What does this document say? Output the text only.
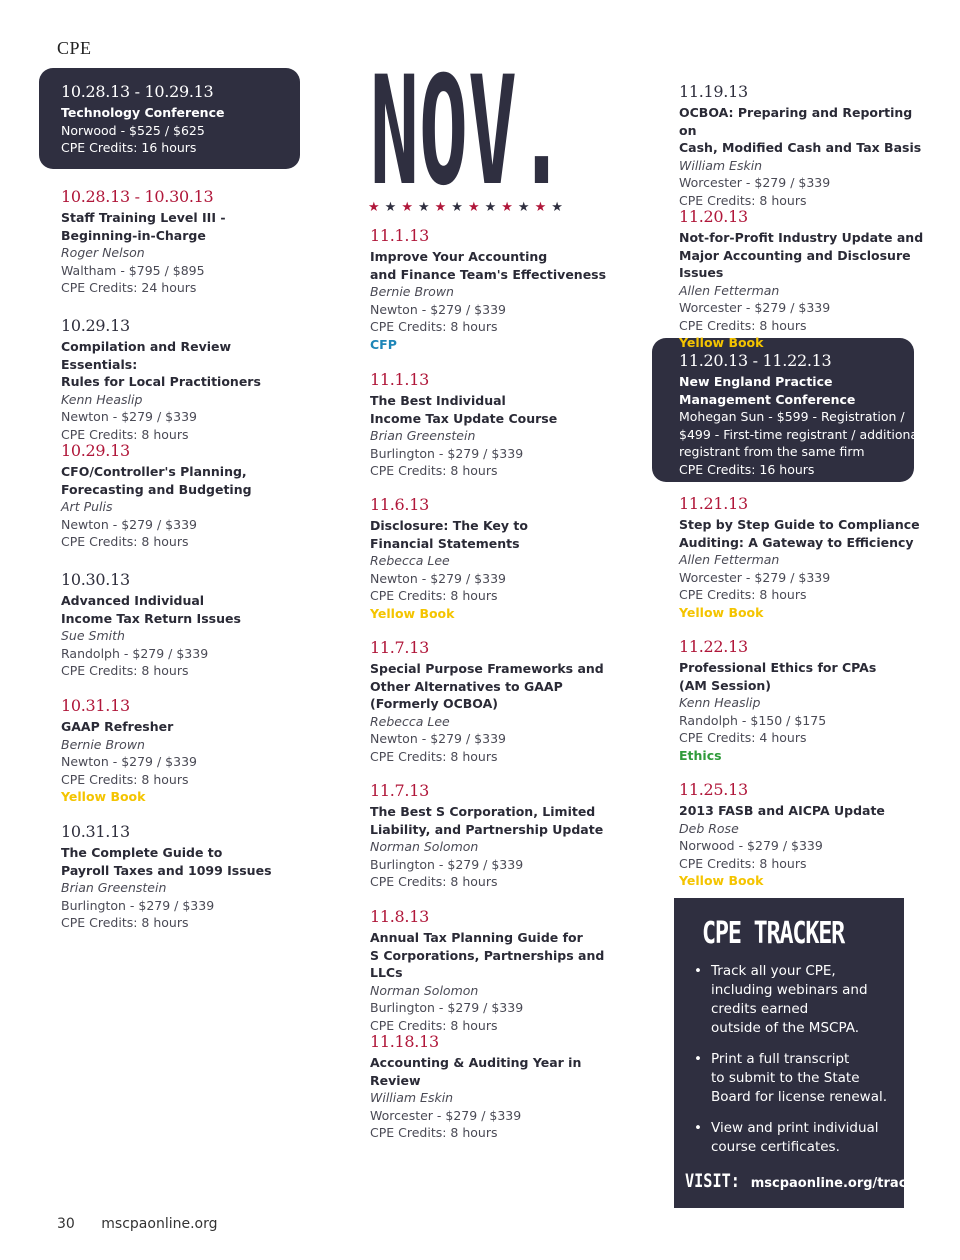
CPE
10.28.13 - 10.29.13
Technology Conference
Norwood - $525 / $625
CPE Credits: 16 hours
10.28.13 - 10.30.13
Staff Training Level III -
Beginning-in-Charge
Roger Nelson
Waltham - $795 / $895
CPE Credits: 24 hours
10.29.13
Compilation and Review Essentials:
Rules for Local Practitioners
Kenn Heaslip
Newton - $279 / $339
CPE Credits: 8 hours
10.29.13
CFO/Controller's Planning,
Forecasting and Budgeting
Art Pulis
Newton - $279 / $339
CPE Credits: 8 hours
10.30.13
Advanced Individual
Income Tax Return Issues
Sue Smith
Randolph - $279 / $339
CPE Credits: 8 hours
10.31.13
GAAP Refresher
Bernie Brown
Newton - $279 / $339
CPE Credits: 8 hours
Yellow Book
10.31.13
The Complete Guide to
Payroll Taxes and 1099 Issues
Brian Greenstein
Burlington - $279 / $339
CPE Credits: 8 hours
11.1.13
Improve Your Accounting
and Finance Team's Effectiveness
Bernie Brown
Newton - $279 / $339
CPE Credits: 8 hours
CFP
11.1.13
The Best Individual
Income Tax Update Course
Brian Greenstein
Burlington - $279 / $339
CPE Credits: 8 hours
11.6.13
Disclosure: The Key to
Financial Statements
Rebecca Lee
Newton - $279 / $339
CPE Credits: 8 hours
Yellow Book
11.7.13
Special Purpose Frameworks and
Other Alternatives to GAAP
(Formerly OCBOA)
Rebecca Lee
Newton - $279 / $339
CPE Credits: 8 hours
11.7.13
The Best S Corporation, Limited
Liability, and Partnership Update
Norman Solomon
Burlington - $279 / $339
CPE Credits: 8 hours
11.8.13
Annual Tax Planning Guide for
S Corporations, Partnerships and LLCs
Norman Solomon
Burlington - $279 / $339
CPE Credits: 8 hours
11.18.13
Accounting & Auditing Year in Review
William Eskin
Worcester - $279 / $339
CPE Credits: 8 hours
11.19.13
OCBOA: Preparing and Reporting on
Cash, Modified Cash and Tax Basis
William Eskin
Worcester - $279 / $339
CPE Credits: 8 hours
11.20.13
Not-for-Profit Industry Update and
Major Accounting and Disclosure Issues
Allen Fetterman
Worcester - $279 / $339
CPE Credits: 8 hours
Yellow Book
11.20.13 - 11.22.13
New England Practice
Management Conference
Mohegan Sun - $599 - Registration /
$499 - First-time registrant / additional
registrant from the same firm
CPE Credits: 16 hours
11.21.13
Step by Step Guide to Compliance
Auditing: A Gateway to Efficiency
Allen Fetterman
Worcester - $279 / $339
CPE Credits: 8 hours
Yellow Book
11.22.13
Professional Ethics for CPAs
(AM Session)
Kenn Heaslip
Randolph - $150 / $175
CPE Credits: 4 hours
Ethics
11.25.13
2013 FASB and AICPA Update
Deb Rose
Norwood - $279 / $339
CPE Credits: 8 hours
Yellow Book
NOV.
★★★★★★★★★★★★
CPE TRACKER
• Track all your CPE,
including webinars and
credits earned
outside of the MSCPA.
• Print a full transcript
to submit to the State
Board for license renewal.
• View and print individual
course certificates.
VISIT: mscpaonline.org/tracker
30 mscpaonline.org
